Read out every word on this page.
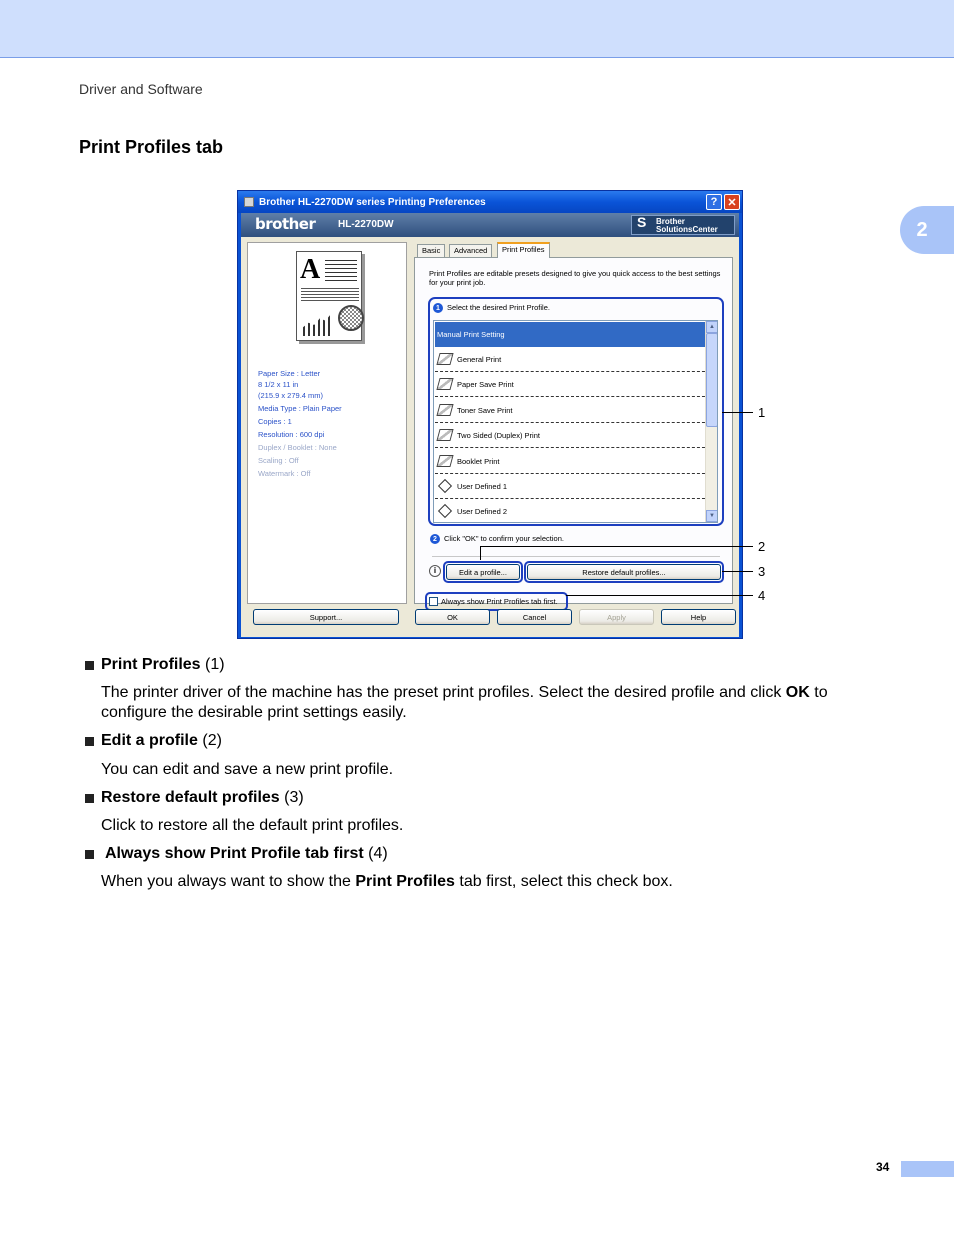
Driver and Software
2
Print Profiles tab
Brother HL-2270DW series Printing Preferences	? ✕
brother HL-2270DW	S Brother
SolutionsCenter
A
Paper Size : Letter
8 1/2 x 11 in
(215.9 x 279.4 mm)
Media Type : Plain Paper
Copies : 1
Resolution : 600 dpi
Duplex / Booklet : None
Scaling : Off
Watermark : Off
Support...
Basic	Advanced	Print Profiles
Print Profiles are editable presets designed to give you quick access to the best settings for your print job.
1 Select the desired Print Profile.
Manual Print Setting
General Print
Paper Save Print
Toner Save Print
Two Sided (Duplex) Print
Booklet Print
User Defined 1
User Defined 2
▲
▼
2 Click "OK" to confirm your selection.
i	Edit a profile...	Restore default profiles...
Always show Print Profiles tab first.
OK	Cancel	Apply	Help
1
2
3
4
Print Profiles
(1)
The printer driver of the machine has the preset print profiles. Select the desired profile and click OK to configure the desirable print settings easily.
Edit a profile
(2)
You can edit and save a new print profile.
Restore default profiles
(3)
Click to restore all the default print profiles.
Always show Print Profile tab first
(4)
When you always want to show the Print Profiles tab first, select this check box.
34
